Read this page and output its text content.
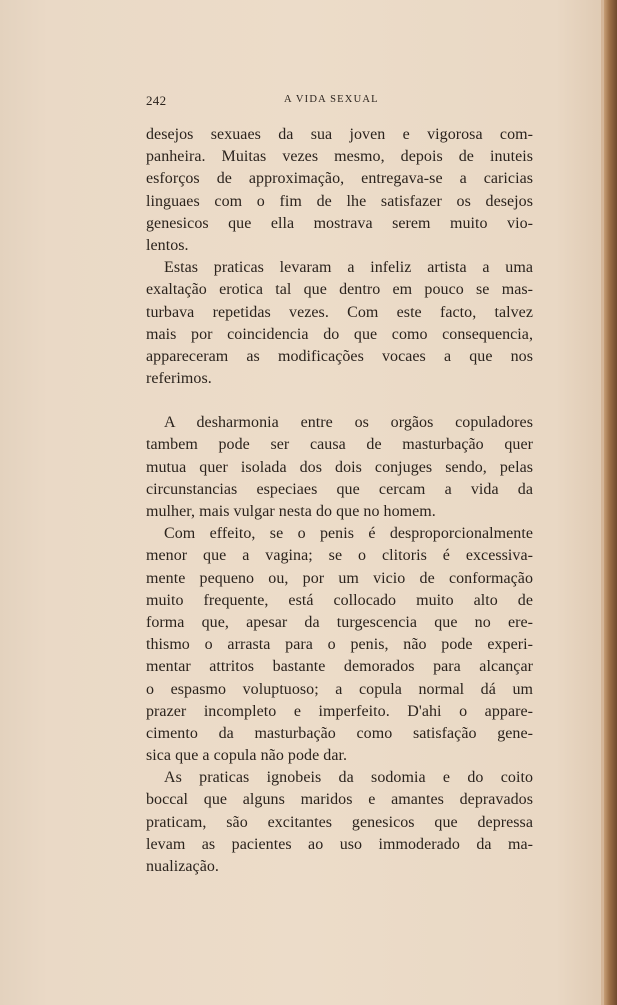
242	A VIDA SEXUAL
desejos sexuaes da sua joven e vigorosa com-
panheira. Muitas vezes mesmo, depois de inuteis
esforços de approximação, entregava-se a caricias
linguaes com o fim de lhe satisfazer os desejos
genesicos que ella mostrava serem muito vio-
lentos.
Estas praticas levaram a infeliz artista a uma
exaltação erotica tal que dentro em pouco se mas-
turbava repetidas vezes. Com este facto, talvez
mais por coincidencia do que como consequencia,
appareceram as modificações vocaes a que nos
referimos.
A desharmonia entre os orgãos copuladores
tambem pode ser causa de masturbação quer
mutua quer isolada dos dois conjuges sendo, pelas
circunstancias especiaes que cercam a vida da
mulher, mais vulgar nesta do que no homem.
Com effeito, se o penis é desproporcionalmente
menor que a vagina; se o clitoris é excessiva-
mente pequeno ou, por um vicio de conformação
muito frequente, está collocado muito alto de
forma que, apesar da turgescencia que no ere-
thismo o arrasta para o penis, não pode experi-
mentar attritos bastante demorados para alcançar
o espasmo voluptuoso; a copula normal dá um
prazer incompleto e imperfeito. D'ahi o appare-
cimento da masturbação como satisfação gene-
sica que a copula não pode dar.
As praticas ignobeis da sodomia e do coito
boccal que alguns maridos e amantes depravados
praticam, são excitantes genesicos que depressa
levam as pacientes ao uso immoderado da ma-
nualização.
